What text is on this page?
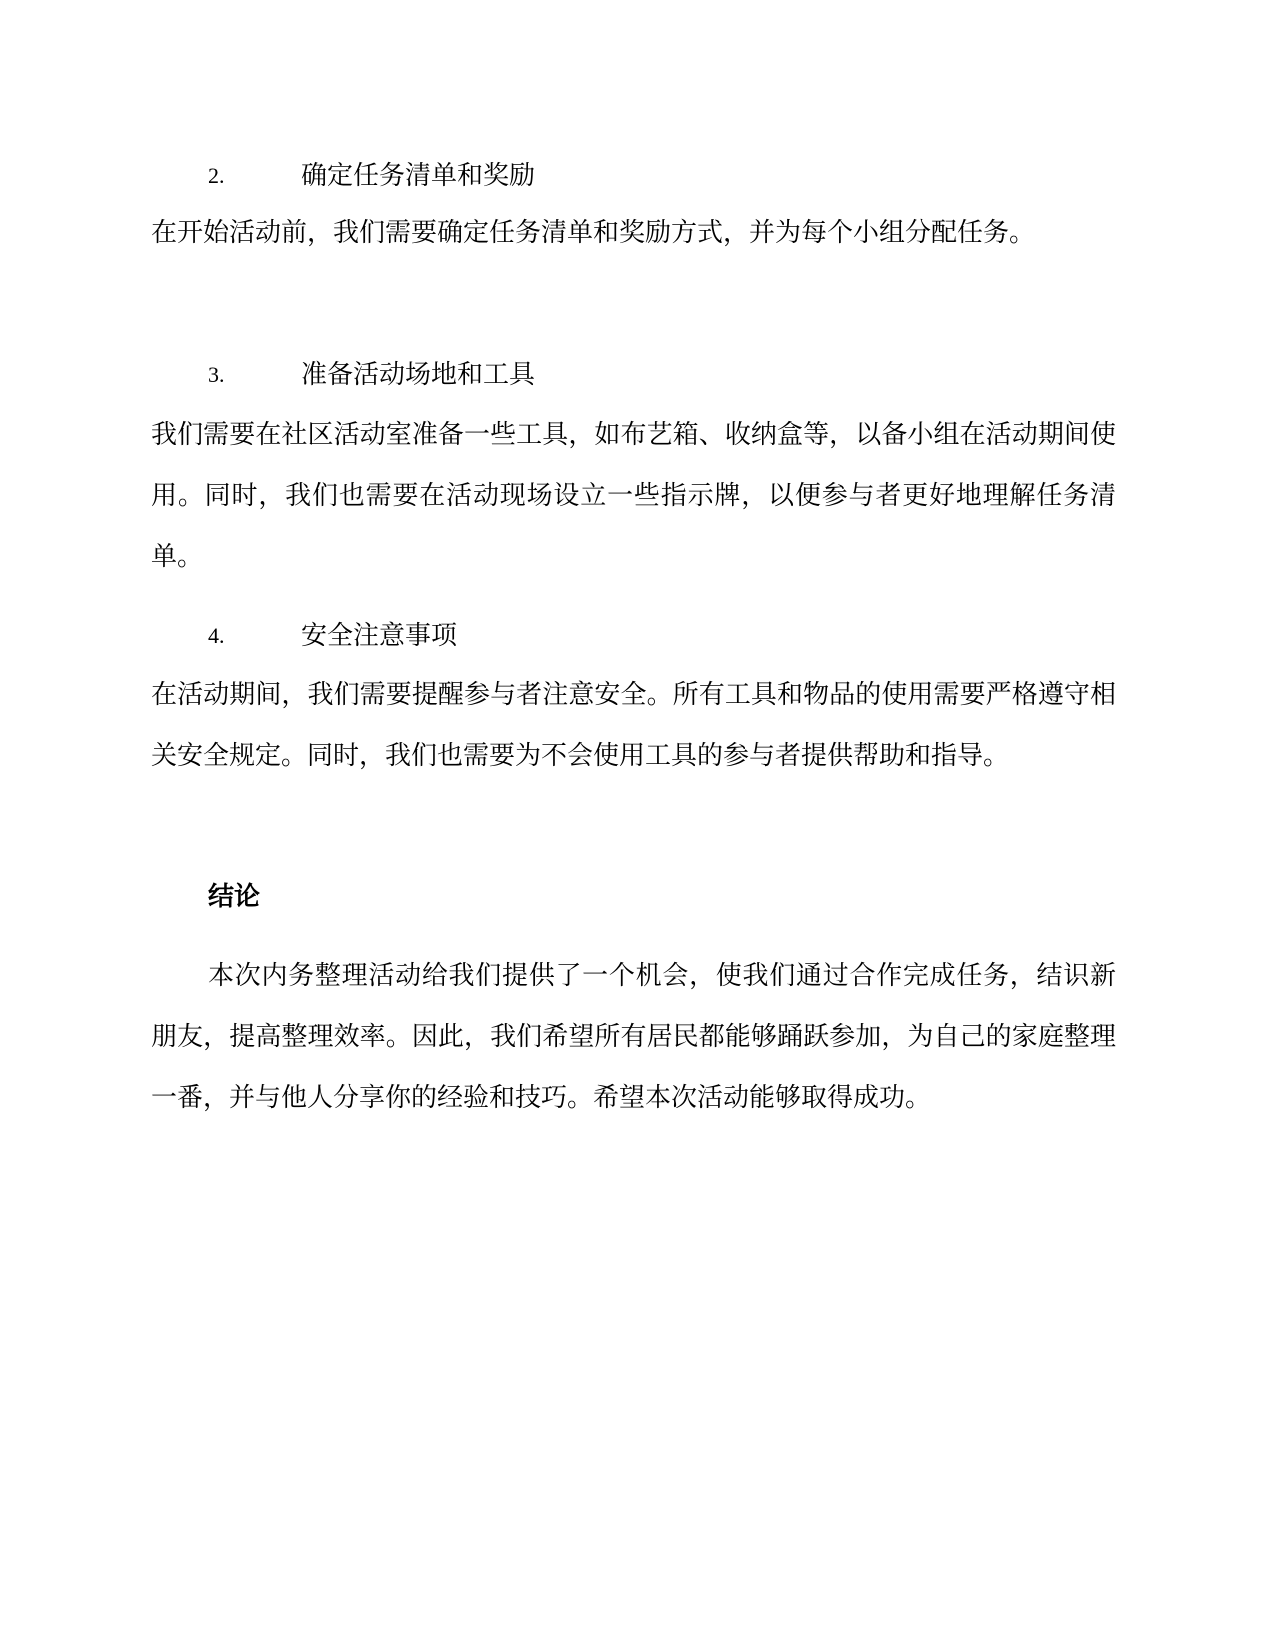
2.	确定任务清单和奖励

在开始活动前，我们需要确定任务清单和奖励方式，并为每个小组分配任务。

3.	准备活动场地和工具

我们需要在社区活动室准备一些工具，如布艺箱、收纳盒等，以备小组在活动期间使用。同时，我们也需要在活动现场设立一些指示牌，以便参与者更好地理解任务清单。

4.	安全注意事项

在活动期间，我们需要提醒参与者注意安全。所有工具和物品的使用需要严格遵守相关安全规定。同时，我们也需要为不会使用工具的参与者提供帮助和指导。

结论

本次内务整理活动给我们提供了一个机会，使我们通过合作完成任务，结识新朋友，提高整理效率。因此，我们希望所有居民都能够踊跃参加，为自己的家庭整理一番，并与他人分享你的经验和技巧。希望本次活动能够取得成功。
